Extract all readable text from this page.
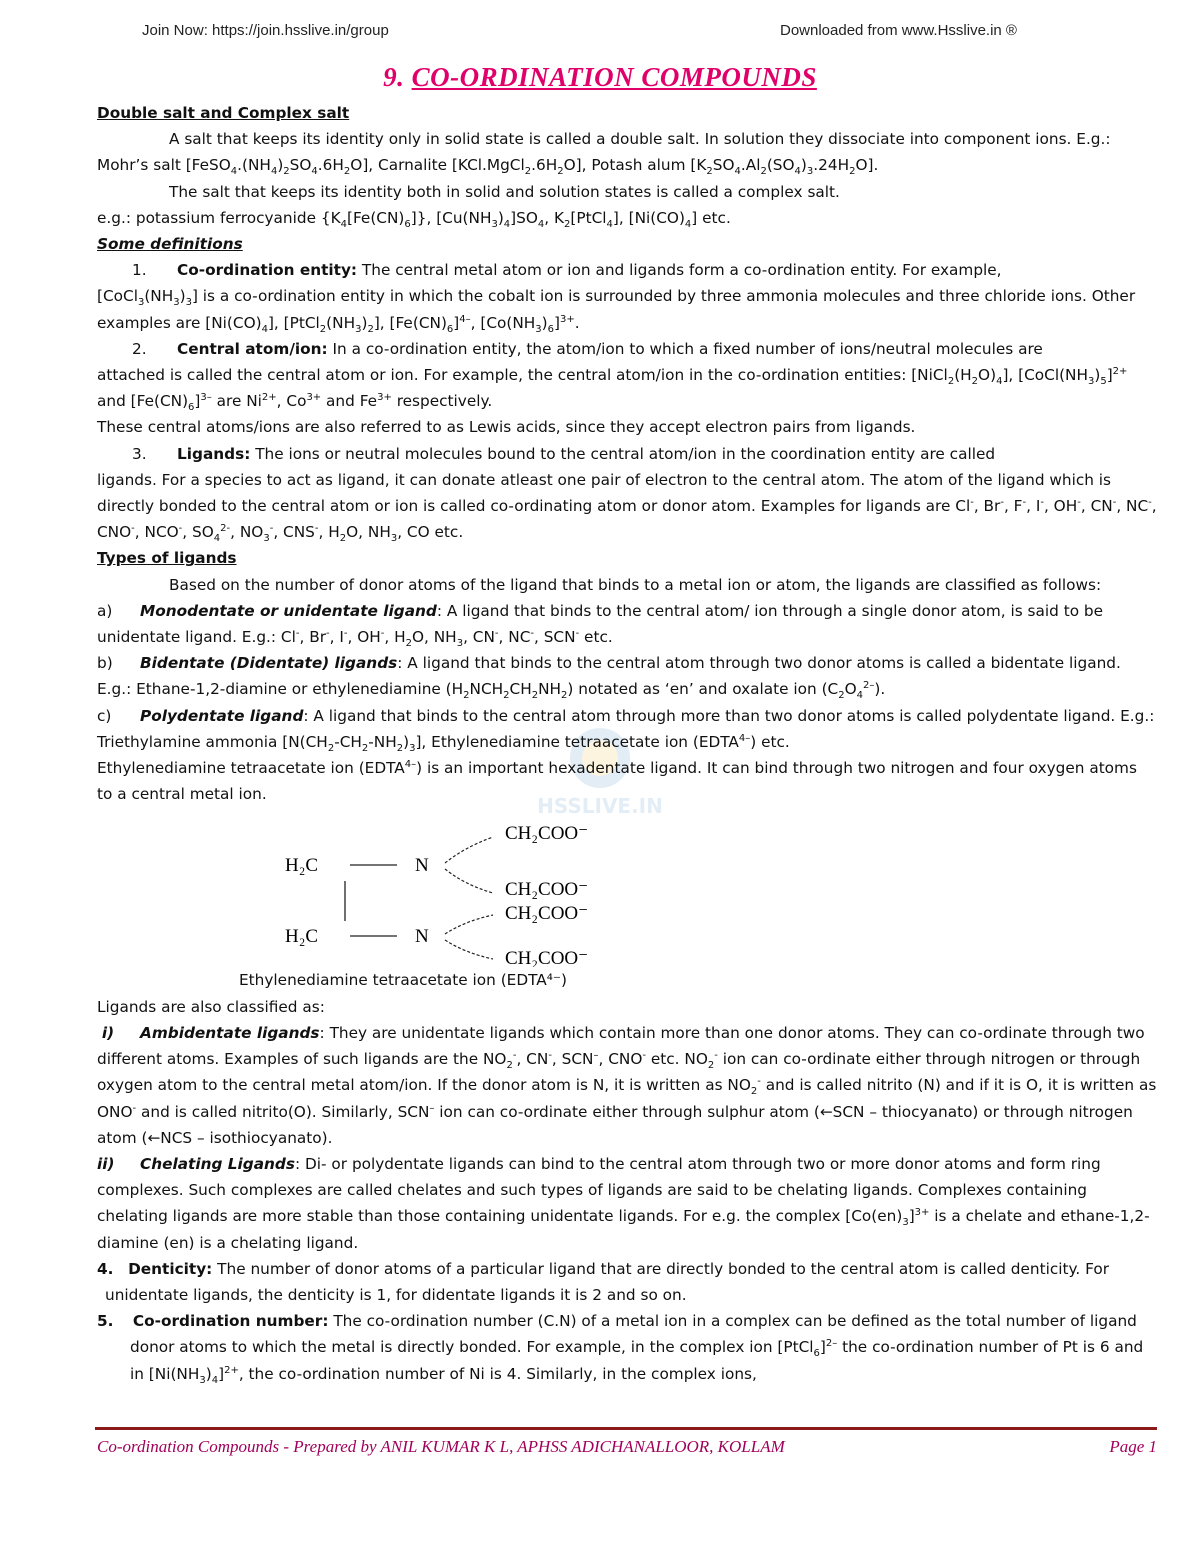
Join Now: https://join.hsslive.in/group	Downloaded from www.Hsslive.in ®
9. CO-ORDINATION COMPOUNDS
HSSLIVE.IN

Double salt and Complex salt

A salt that keeps its identity only in solid state is called a double salt. In solution they dissociate into component ions. E.g.: Mohr’s salt $[FeSO_4.(NH_4)_2SO_4.6H_2O]$, Carnalite $[KCl.MgCl_2.6H_2O]$, Potash alum $[K_2SO_4.Al_2(SO_4)_3.24H_2O]$.

The salt that keeps its identity both in solid and solution states is called a complex salt.

e.g.: potassium ferrocyanide $\{K_4[Fe(CN)_6]\}$, $[Cu(NH_3)_4]SO_4$, $K_2[PtCl_4]$, $[Ni(CO)_4]$ etc.

Some definitions

1. Co-ordination entity: The central metal atom or ion and ligands form a co-ordination entity. For example,

$[CoCl_3(NH_3)_3]$ is a co-ordination entity in which the cobalt ion is surrounded by three ammonia molecules and three chloride ions. Other examples are $[Ni(CO)_4]$, $[PtCl_2(NH_3)_2]$, $[Fe(CN)_6]^{4-}$, $[Co(NH_3)_6]^{3+}$.

2. Central atom/ion: In a co-ordination entity, the atom/ion to which a fixed number of ions/neutral molecules are

attached is called the central atom or ion. For example, the central atom/ion in the co-ordination entities: $[NiCl_2(H_2O)_4]$, $[CoCl(NH_3)_5]^{2+}$ and $[Fe(CN)_6]^{3-}$ are $Ni^{2+}$, $Co^{3+}$ and $Fe^{3+}$ respectively.

These central atoms/ions are also referred to as Lewis acids, since they accept electron pairs from ligands.

3. Ligands: The ions or neutral molecules bound to the central atom/ion in the coordination entity are called

ligands. For a species to act as ligand, it can donate atleast one pair of electron to the central atom. The atom of the ligand which is directly bonded to the central atom or ion is called co-ordinating atom or donor atom. Examples for ligands are Cl-, Br-, F-, I-, OH-, CN-, NC-, CNO-, NCO-, $SO_4^{2-}$, $NO_3^-$, CNS-, $H_2O$, $NH_3$, CO etc.

Types of ligands

Based on the number of donor atoms of the ligand that binds to a metal ion or atom, the ligands are classified as follows:

a) Monodentate or unidentate ligand: A ligand that binds to the central atom/ ion through a single donor atom, is said to be unidentate ligand. E.g.: Cl-, Br-, I-, OH-, $H_2O$, $NH_3$, CN-, NC-, SCN- etc.

b) Bidentate (Didentate) ligands: A ligand that binds to the central atom through two donor atoms is called a bidentate ligand. E.g.: Ethane-1,2-diamine or ethylenediamine $(H_2NCH_2CH_2NH_2)$ notated as ‘en’ and oxalate ion $(C_2O_4^{2-})$.

c) Polydentate ligand: A ligand that binds to the central atom through more than two donor atoms is called polydentate ligand. E.g.: Triethylamine ammonia $[N(CH_2-CH_2-NH_2)_3]$, Ethylenediamine tetraacetate ion $(EDTA^{4-})$ etc.

Ethylenediamine tetraacetate ion $(EDTA^{4-})$ is an important hexadentate ligand. It can bind through two nitrogen and four oxygen atoms to a central metal ion.

H₂C
H₂C
N
N
CH₂COO⁻
CH₂COO⁻
CH₂COO⁻
CH₂COO⁻

Ethylenediamine tetraacetate ion (EDTA⁴⁻)

Ligands are also classified as:

i) Ambidentate ligands: They are unidentate ligands which contain more than one donor atoms. They can co-ordinate through two different atoms. Examples of such ligands are the $NO_2^-$, CN-, SCN–, CNO- etc. $NO_2^-$ ion can co-ordinate either through nitrogen or through oxygen atom to the central metal atom/ion. If the donor atom is N, it is written as $NO_2^-$ and is called nitrito (N) and if it is O, it is written as ONO- and is called nitrito(O). Similarly, SCN– ion can co-ordinate either through sulphur atom (←SCN – thiocyanato) or through nitrogen atom (←NCS – isothiocyanato).

ii) Chelating Ligands: Di- or polydentate ligands can bind to the central atom through two or more donor atoms and form ring complexes. Such complexes are called chelates and such types of ligands are said to be chelating ligands. Complexes containing chelating ligands are more stable than those containing unidentate ligands. For e.g. the complex $[Co(en)_3]^{3+}$ is a chelate and ethane-1,2-diamine (en) is a chelating ligand.

4. Denticity: The number of donor atoms of a particular ligand that are directly bonded to the central atom is called denticity. For unidentate ligands, the denticity is 1, for didentate ligands it is 2 and so on.

5. Co-ordination number: The co-ordination number (C.N) of a metal ion in a complex can be defined as the total number of ligand donor atoms to which the metal is directly bonded. For example, in the complex ion [PtCl$_6$]$^{2-}$ the co-ordination number of Pt is 6 and in $[Ni(NH_3)_4]^{2+}$, the co-ordination number of Ni is 4. Similarly, in the complex ions,

Co-ordination Compounds - Prepared by ANIL KUMAR K L, APHSS ADICHANALLOOR, KOLLAM	Page 1
